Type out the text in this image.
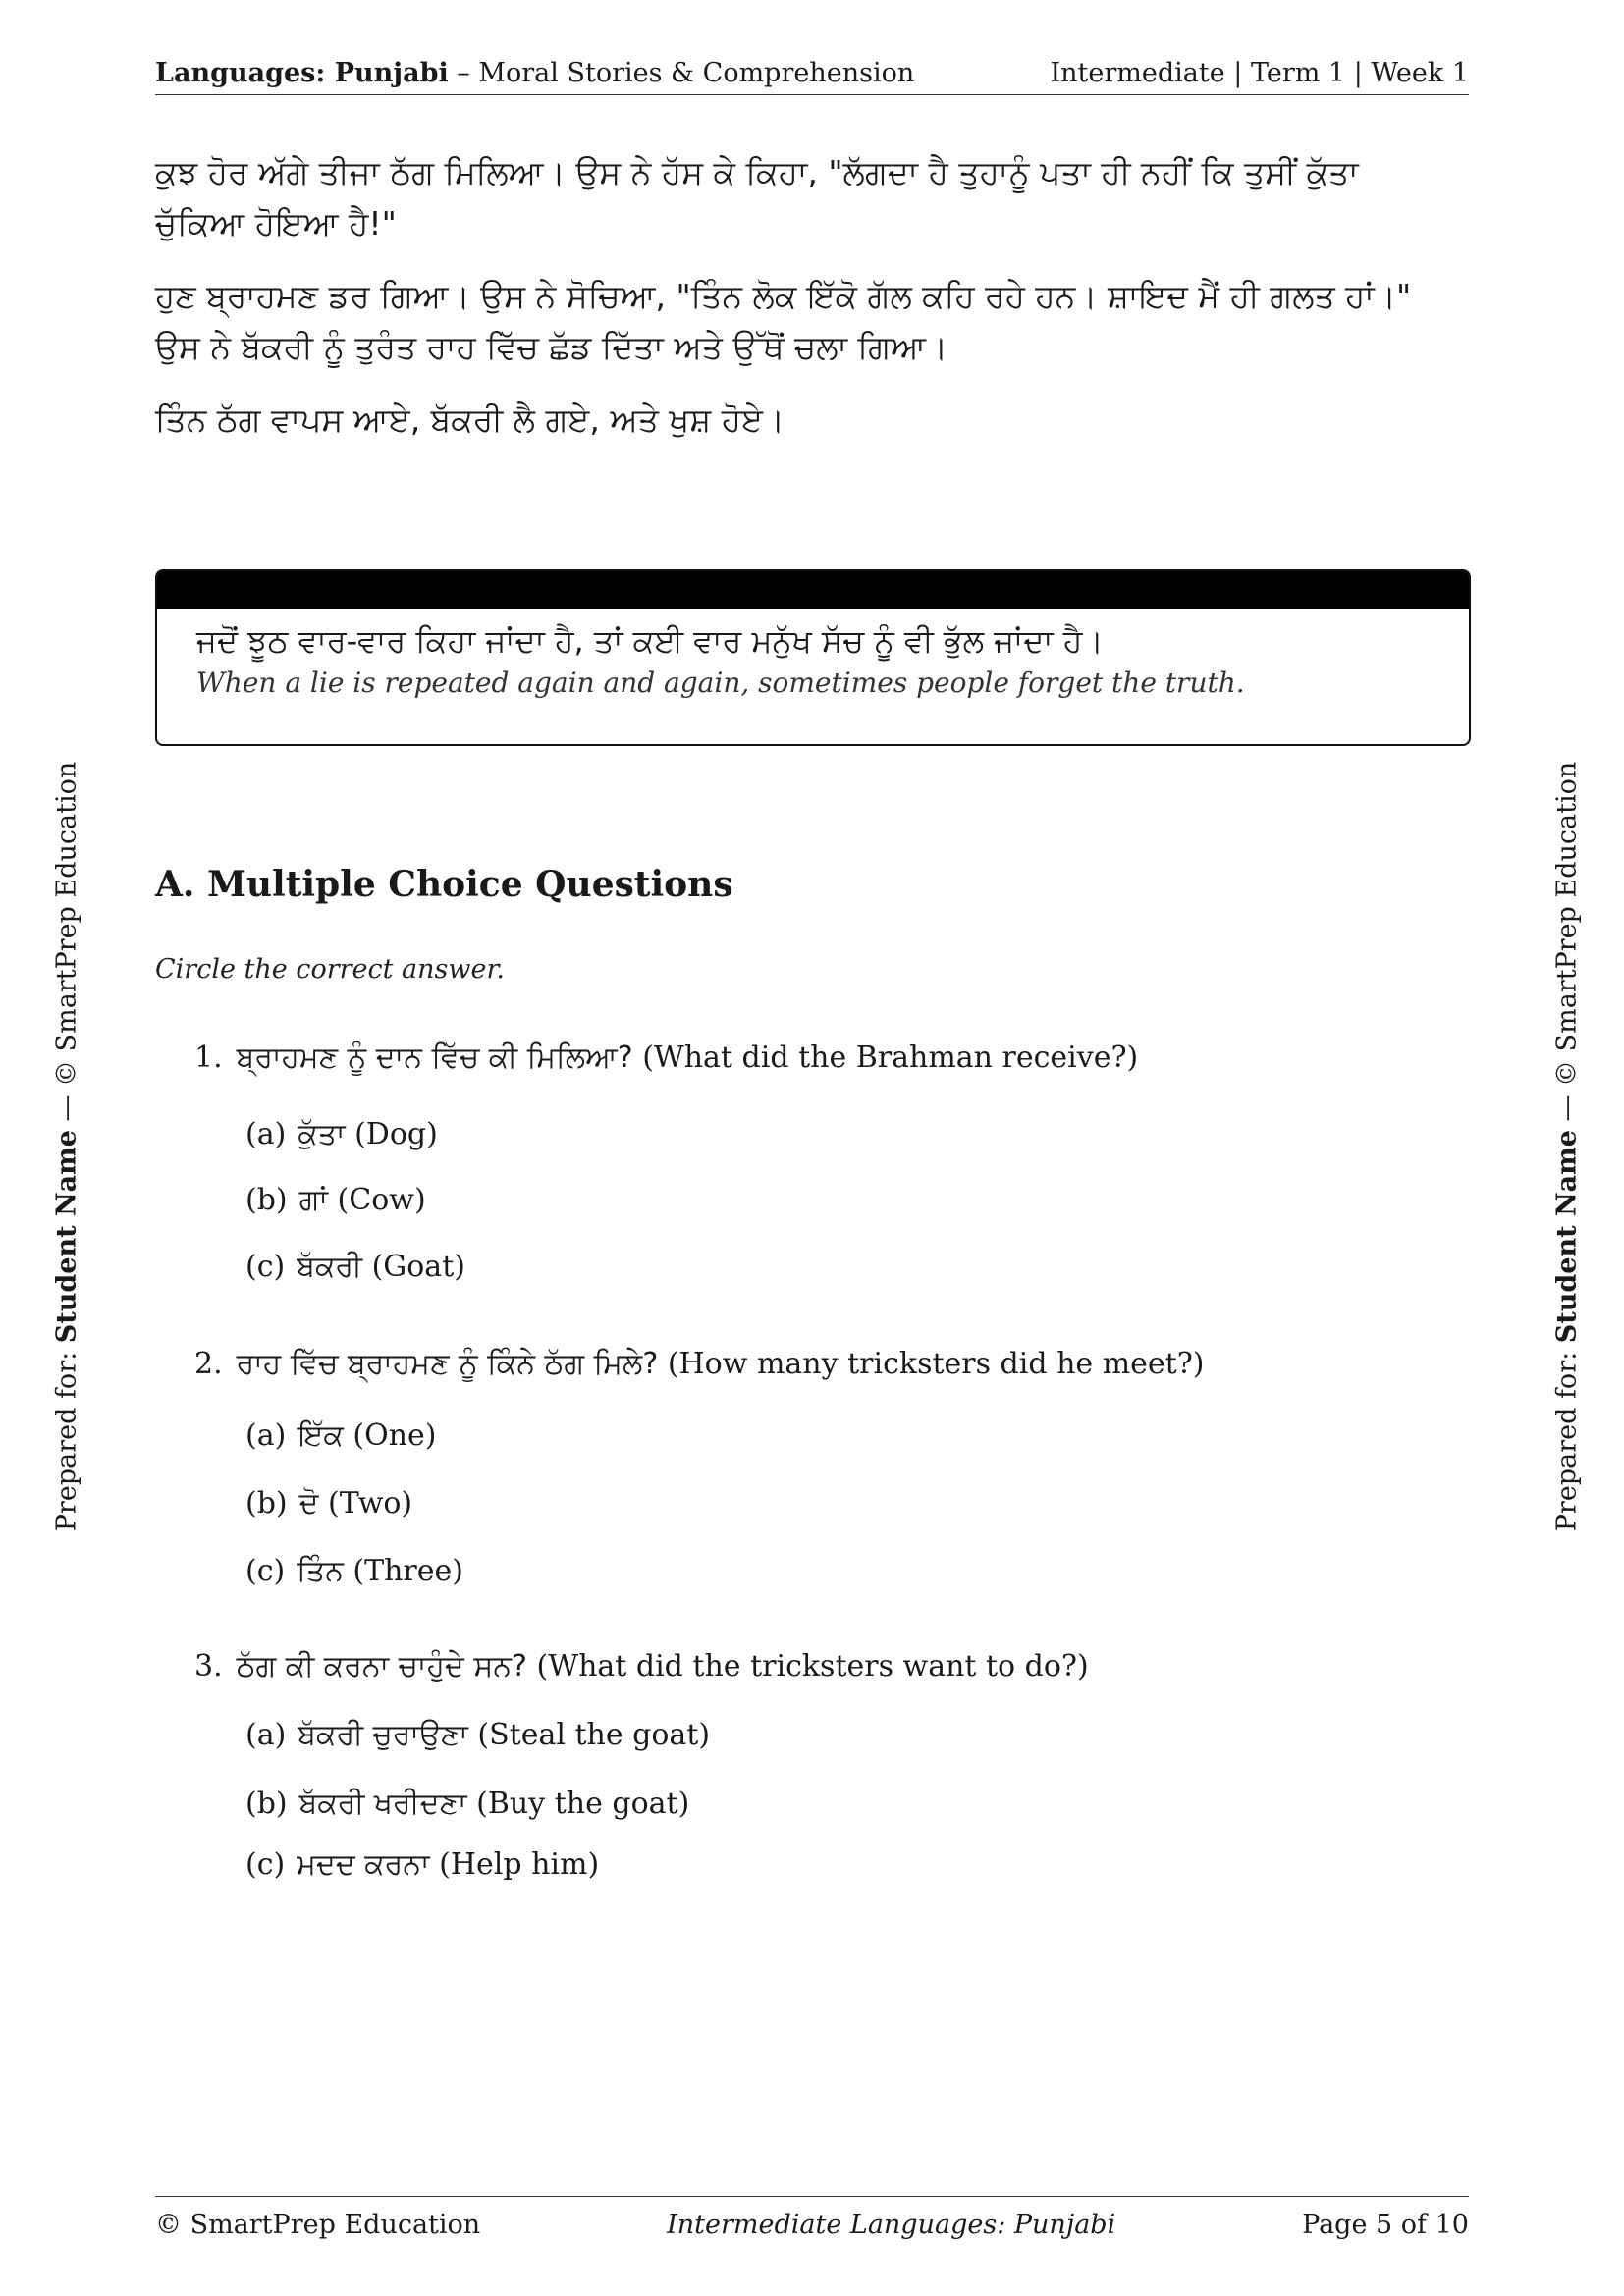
Languages: Punjabi – Moral Stories & Comprehension	Intermediate | Term 1 | Week 1

ਕੁਝ ਹੋਰ ਅੱਗੇ ਤੀਜਾ ਠੱਗ ਮਿਲਿਆ। ਉਸ ਨੇ ਹੱਸ ਕੇ ਕਿਹਾ, "ਲੱਗਦਾ ਹੈ ਤੁਹਾਨੂੰ ਪਤਾ ਹੀ ਨਹੀਂ ਕਿ ਤੁਸੀਂ ਕੁੱਤਾ
ਚੁੱਕਿਆ ਹੋਇਆ ਹੈ!"

ਹੁਣ ਬ੍ਰਾਹਮਣ ਡਰ ਗਿਆ। ਉਸ ਨੇ ਸੋਚਿਆ, "ਤਿੰਨ ਲੋਕ ਇੱਕੋ ਗੱਲ ਕਹਿ ਰਹੇ ਹਨ। ਸ਼ਾਇਦ ਮੈਂ ਹੀ ਗਲਤ ਹਾਂ।"
ਉਸ ਨੇ ਬੱਕਰੀ ਨੂੰ ਤੁਰੰਤ ਰਾਹ ਵਿੱਚ ਛੱਡ ਦਿੱਤਾ ਅਤੇ ਉੱਥੋਂ ਚਲਾ ਗਿਆ।

ਤਿੰਨ ਠੱਗ ਵਾਪਸ ਆਏ, ਬੱਕਰੀ ਲੈ ਗਏ, ਅਤੇ ਖੁਸ਼ ਹੋਏ।

ਜਦੋਂ ਝੂਠ ਵਾਰ-ਵਾਰ ਕਿਹਾ ਜਾਂਦਾ ਹੈ, ਤਾਂ ਕਈ ਵਾਰ ਮਨੁੱਖ ਸੱਚ ਨੂੰ ਵੀ ਭੁੱਲ ਜਾਂਦਾ ਹੈ।
When a lie is repeated again and again, sometimes people forget the truth.
A. Multiple Choice Questions
Circle the correct answer.
1. ਬ੍ਰਾਹਮਣ ਨੂੰ ਦਾਨ ਵਿੱਚ ਕੀ ਮਿਲਿਆ? (What did the Brahman receive?)
(a) ਕੁੱਤਾ (Dog)
(b) ਗਾਂ (Cow)
(c) ਬੱਕਰੀ (Goat)
2. ਰਾਹ ਵਿੱਚ ਬ੍ਰਾਹਮਣ ਨੂੰ ਕਿੰਨੇ ਠੱਗ ਮਿਲੇ? (How many tricksters did he meet?)
(a) ਇੱਕ (One)
(b) ਦੋ (Two)
(c) ਤਿੰਨ (Three)
3. ਠੱਗ ਕੀ ਕਰਨਾ ਚਾਹੁੰਦੇ ਸਨ? (What did the tricksters want to do?)
(a) ਬੱਕਰੀ ਚੁਰਾਉਣਾ (Steal the goat)
(b) ਬੱਕਰੀ ਖਰੀਦਣਾ (Buy the goat)
(c) ਮਦਦ ਕਰਨਾ (Help him)
Prepared for: Student Name — © SmartPrep Education
Prepared for: Student Name — © SmartPrep Education
© SmartPrep Education	Intermediate Languages: Punjabi	Page 5 of 10
